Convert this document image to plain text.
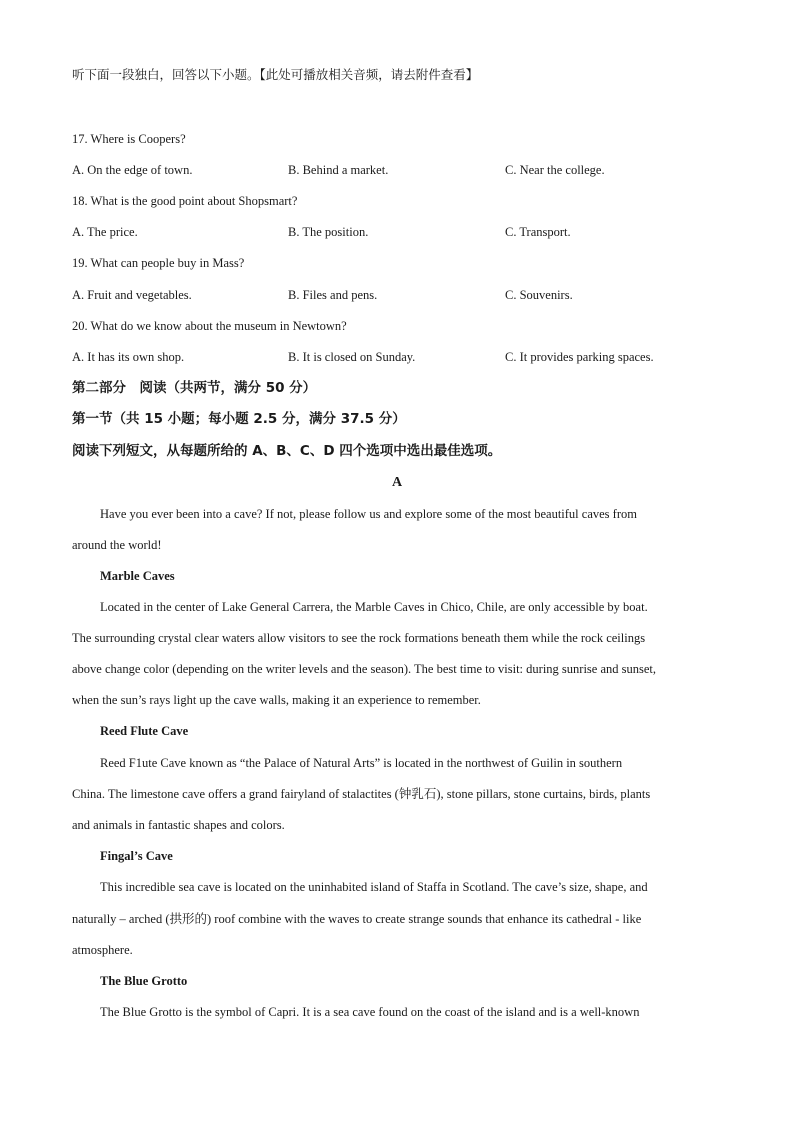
听下面一段独白，回答以下小题。【此处可播放相关音频，请去附件查看】
17. Where is Coopers?
A. On the edge of town.	B. Behind a market.	C. Near the college.
18. What is the good point about Shopsmart?
A. The price.	B. The position.	C. Transport.
19. What can people buy in Mass?
A. Fruit and vegetables.	B. Files and pens.	C. Souvenirs.
20. What do we know about the museum in Newtown?
A. It has its own shop.	B. It is closed on Sunday.	C. It provides parking spaces.
第二部分　阅读（共两节，满分 50 分）
第一节（共 15 小题；每小题 2.5 分，满分 37.5 分）
阅读下列短文，从每题所给的 A、B、C、D 四个选项中选出最佳选项。
A
Have you ever been into a cave? If not, please follow us and explore some of the most beautiful caves from
around the world!
Marble Caves
Located in the center of Lake General Carrera, the Marble Caves in Chico, Chile, are only accessible by boat.
The surrounding crystal clear waters allow visitors to see the rock formations beneath them while the rock ceilings
above change color (depending on the writer levels and the season). The best time to visit: during sunrise and sunset,
when the sun’s rays light up the cave walls, making it an experience to remember.
Reed Flute Cave
Reed F1ute Cave known as “the Palace of Natural Arts” is located in the northwest of Guilin in southern
China. The limestone cave offers a grand fairyland of stalactites (钟乳石), stone pillars, stone curtains, birds, plants
and animals in fantastic shapes and colors.
Fingal’s Cave
This incredible sea cave is located on the uninhabited island of Staffa in Scotland. The cave’s size, shape, and
naturally – arched (拱形的) roof combine with the waves to create strange sounds that enhance its cathedral - like
atmosphere.
The Blue Grotto
The Blue Grotto is the symbol of Capri. It is a sea cave found on the coast of the island and is a well-known
